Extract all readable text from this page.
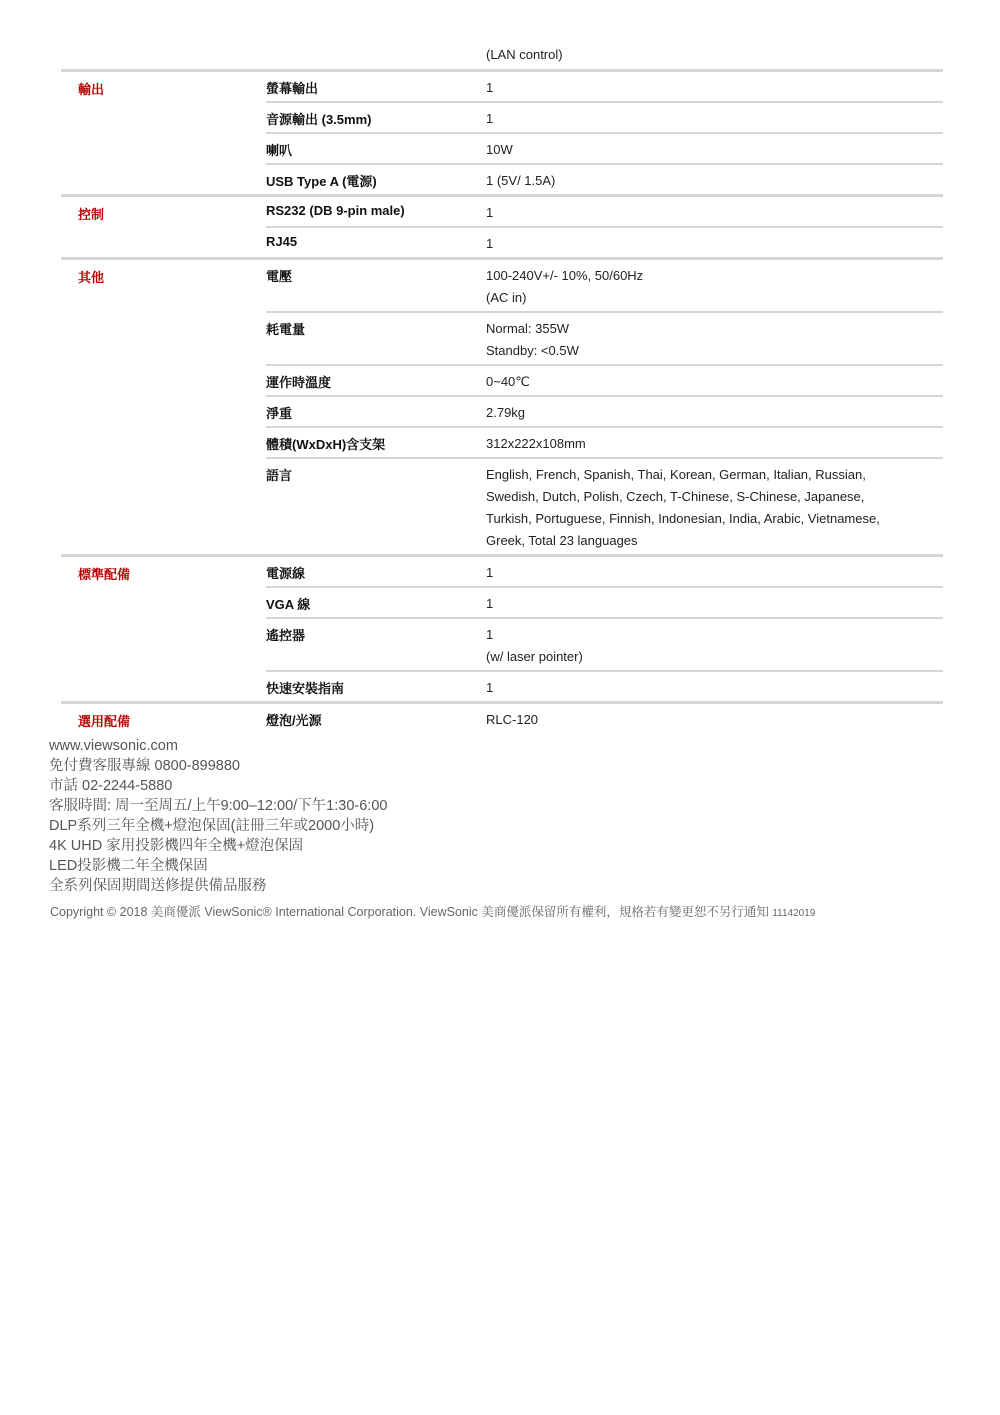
(LAN control)
輸出	螢幕輸出	1
音源輸出 (3.5mm)	1
喇叭	10W
USB Type A (電源)	1 (5V/ 1.5A)
控制	RS232 (DB 9-pin male)	1
RJ45	1
其他	電壓	100-240V+/- 10%, 50/60Hz
(AC in)
耗電量	Normal: 355W
Standby: <0.5W
運作時溫度	0~40℃
淨重	2.79kg
體積(WxDxH)含支架	312x222x108mm
語言	English, French, Spanish, Thai, Korean, German, Italian, Russian,
Swedish, Dutch, Polish, Czech, T-Chinese, S-Chinese, Japanese,
Turkish, Portuguese, Finnish, Indonesian, India, Arabic, Vietnamese,
Greek, Total 23 languages
標準配備	電源線	1
VGA 線	1
遙控器	1
(w/ laser pointer)
快速安裝指南	1
選用配備	燈泡/光源	RLC-120
www.viewsonic.com
免付費客服專線 0800-899880
市話 02-2244-5880
客服時間: 周一至周五/上午9:00–12:00/下午1:30-6:00
DLP系列三年全機+燈泡保固(註冊三年或2000小時)
4K UHD 家用投影機四年全機+燈泡保固
LED投影機二年全機保固
全系列保固期間送修提供備品服務
Copyright © 2018 美商優派 ViewSonic® International Corporation. ViewSonic 美商優派保留所有權利，規格若有變更恕不另行通知 11142019
